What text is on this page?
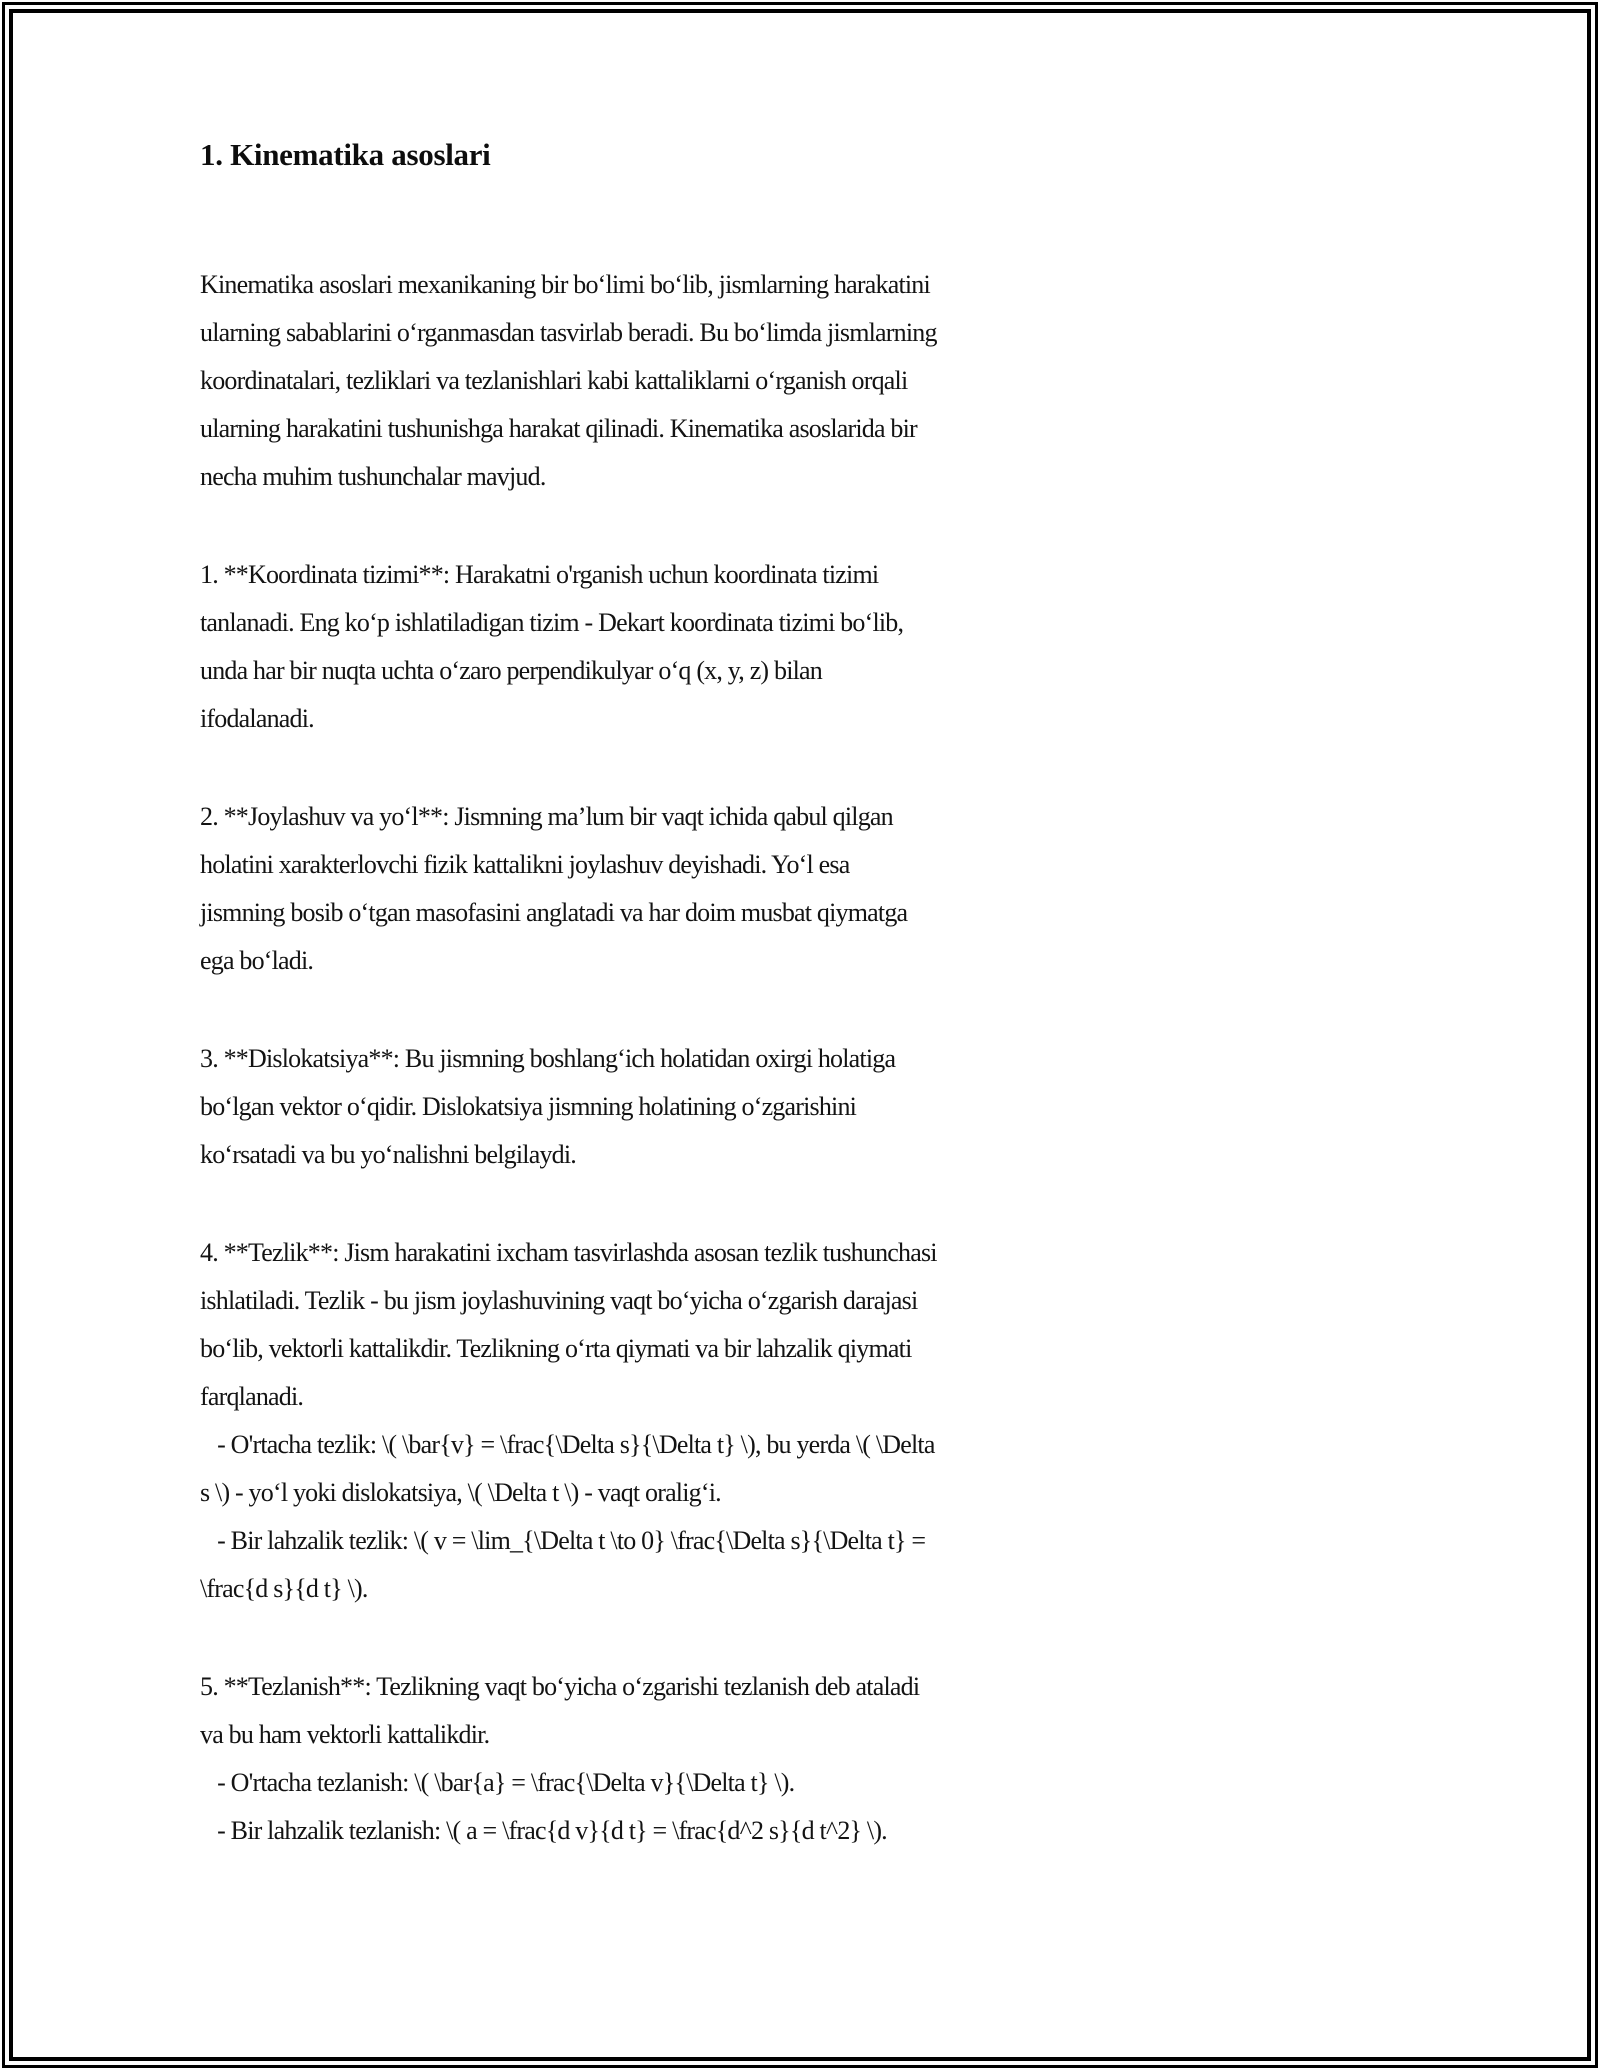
1. Kinematika asoslari

Kinematika asoslari mexanikaning bir boʻlimi boʻlib, jismlarning harakatini
ularning sabablarini oʻrganmasdan tasvirlab beradi. Bu boʻlimda jismlarning
koordinatalari, tezliklari va tezlanishlari kabi kattaliklarni oʻrganish orqali
ularning harakatini tushunishga harakat qilinadi. Kinematika asoslarida bir
necha muhim tushunchalar mavjud.

1. **Koordinata tizimi**: Harakatni o'rganish uchun koordinata tizimi
tanlanadi. Eng koʻp ishlatiladigan tizim - Dekart koordinata tizimi boʻlib,
unda har bir nuqta uchta oʻzaro perpendikulyar oʻq (x, y, z) bilan
ifodalanadi.

2. **Joylashuv va yoʻl**: Jismning ma’lum bir vaqt ichida qabul qilgan
holatini xarakterlovchi fizik kattalikni joylashuv deyishadi. Yoʻl esa
jismning bosib oʻtgan masofasini anglatadi va har doim musbat qiymatga
ega boʻladi.

3. **Dislokatsiya**: Bu jismning boshlangʻich holatidan oxirgi holatiga
boʻlgan vektor oʻqidir. Dislokatsiya jismning holatining oʻzgarishini
koʻrsatadi va bu yoʻnalishni belgilaydi.

4. **Tezlik**: Jism harakatini ixcham tasvirlashda asosan tezlik tushunchasi
ishlatiladi. Tezlik - bu jism joylashuvining vaqt boʻyicha oʻzgarish darajasi
boʻlib, vektorli kattalikdir. Tezlikning oʻrta qiymati va bir lahzalik qiymati
farqlanadi.
- O'rtacha tezlik: \( \bar{v} = \frac{\Delta s}{\Delta t} \), bu yerda \( \Delta
s \) - yoʻl yoki dislokatsiya, \( \Delta t \) - vaqt oraligʻi.
- Bir lahzalik tezlik: \( v = \lim_{\Delta t \to 0} \frac{\Delta s}{\Delta t} =
\frac{d s}{d t} \).

5. **Tezlanish**: Tezlikning vaqt boʻyicha oʻzgarishi tezlanish deb ataladi
va bu ham vektorli kattalikdir.
- O'rtacha tezlanish: \( \bar{a} = \frac{\Delta v}{\Delta t} \).
- Bir lahzalik tezlanish: \( a = \frac{d v}{d t} = \frac{d^2 s}{d t^2} \).
